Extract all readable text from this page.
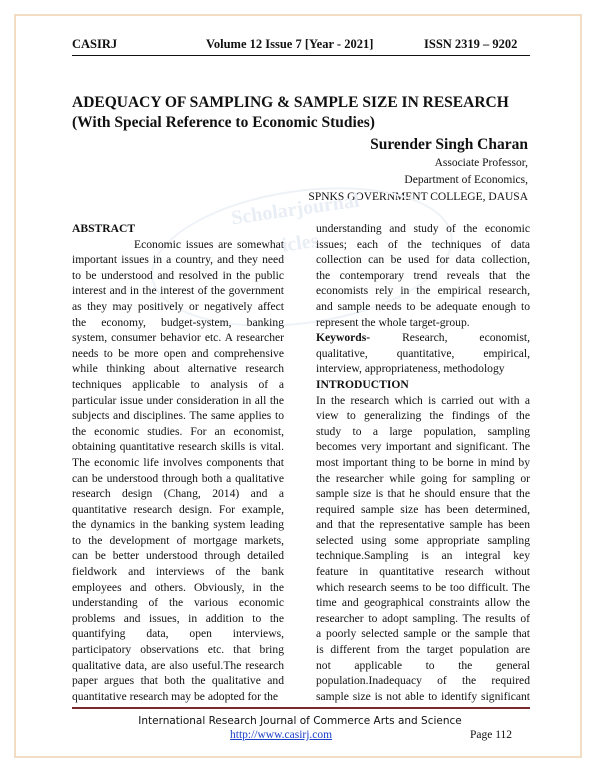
CASIRJ	Volume 12 Issue 7 [Year - 2021]	ISSN 2319 – 9202
ADEQUACY OF SAMPLING & SAMPLE SIZE IN RESEARCH
(With Special Reference to Economic Studies)
Surender Singh Charan
Associate Professor,
Department of Economics,
SPNKS GOVERNMENT COLLEGE, DAUSA
Scholarjournal
icles
ABSTRACT
Economic issues are somewhat
important issues in a country, and they need
to be understood and resolved in the public
interest and in the interest of the government
as they may positively or negatively affect
the economy, budget-system, banking
system, consumer behavior etc. A researcher
needs to be more open and comprehensive
while thinking about alternative research
techniques applicable to analysis of a
particular issue under consideration in all the
subjects and disciplines. The same applies to
the economic studies. For an economist,
obtaining quantitative research skills is vital.
The economic life involves components that
can be understood through both a qualitative
research design (Chang, 2014) and a
quantitative research design. For example,
the dynamics in the banking system leading
to the development of mortgage markets,
can be better understood through detailed
fieldwork and interviews of the bank
employees and others. Obviously, in the
understanding of the various economic
problems and issues, in addition to the
quantifying data, open interviews,
participatory observations etc. that bring
qualitative data, are also useful.The research
paper argues that both the qualitative and
quantitative research may be adopted for the
understanding and study of the economic
issues; each of the techniques of data
collection can be used for data collection,
the contemporary trend reveals that the
economists rely in the empirical research,
and sample needs to be adequate enough to
represent the whole target-group.
Keywords-	Research, economist,
qualitative, quantitative, empirical,
interview, appropriateness, methodology
INTRODUCTION
In the research which is carried out with a
view to generalizing the findings of the
study to a large population, sampling
becomes very important and significant. The
most important thing to be borne in mind by
the researcher while going for sampling or
sample size is that he should ensure that the
required sample size has been determined,
and that the representative sample has been
selected using some appropriate sampling
technique.Sampling is an integral key
feature in quantitative research without
which research seems to be too difficult. The
time and geographical constraints allow the
researcher to adopt sampling. The results of
a poorly selected sample or the sample that
is different from the target population are
not applicable to the general
population.Inadequacy of the required
sample size is not able to identify significant
International Research Journal of Commerce Arts and Science
http://www.casirj.com	Page 112
